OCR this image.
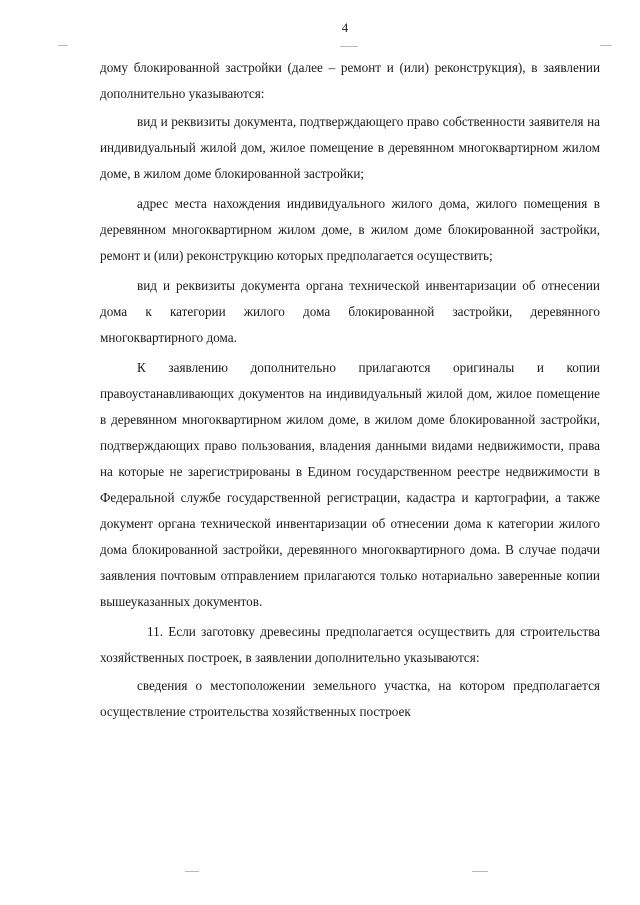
4

дому блокированной застройки (далее – ремонт и (или) реконструкция), в заявлении дополнительно указываются:

вид и реквизиты документа, подтверждающего право собственности заявителя на индивидуальный жилой дом, жилое помещение в деревянном многоквартирном жилом доме, в жилом доме блокированной застройки;

адрес места нахождения индивидуального жилого дома, жилого помещения в деревянном многоквартирном жилом доме, в жилом доме блокированной застройки, ремонт и (или) реконструкцию которых предполагается осуществить;

вид и реквизиты документа органа технической инвентаризации об отнесении дома к категории жилого дома блокированной застройки, деревянного многоквартирного дома.

К заявлению дополнительно прилагаются оригиналы и копии правоустанавливающих документов на индивидуальный жилой дом, жилое помещение в деревянном многоквартирном жилом доме, в жилом доме блокированной застройки, подтверждающих право пользования, владения данными видами недвижимости, права на которые не зарегистрированы в Едином государственном реестре недвижимости в Федеральной службе государственной регистрации, кадастра и картографии, а также документ органа технической инвентаризации об отнесении дома к категории жилого дома блокированной застройки, деревянного многоквартирного дома. В случае подачи заявления почтовым отправлением прилагаются только нотариально заверенные копии вышеуказанных документов.

11. Если заготовку древесины предполагается осуществить для строительства хозяйственных построек, в заявлении дополнительно указываются:

сведения о местоположении земельного участка, на котором предполагается осуществление строительства хозяйственных построек
